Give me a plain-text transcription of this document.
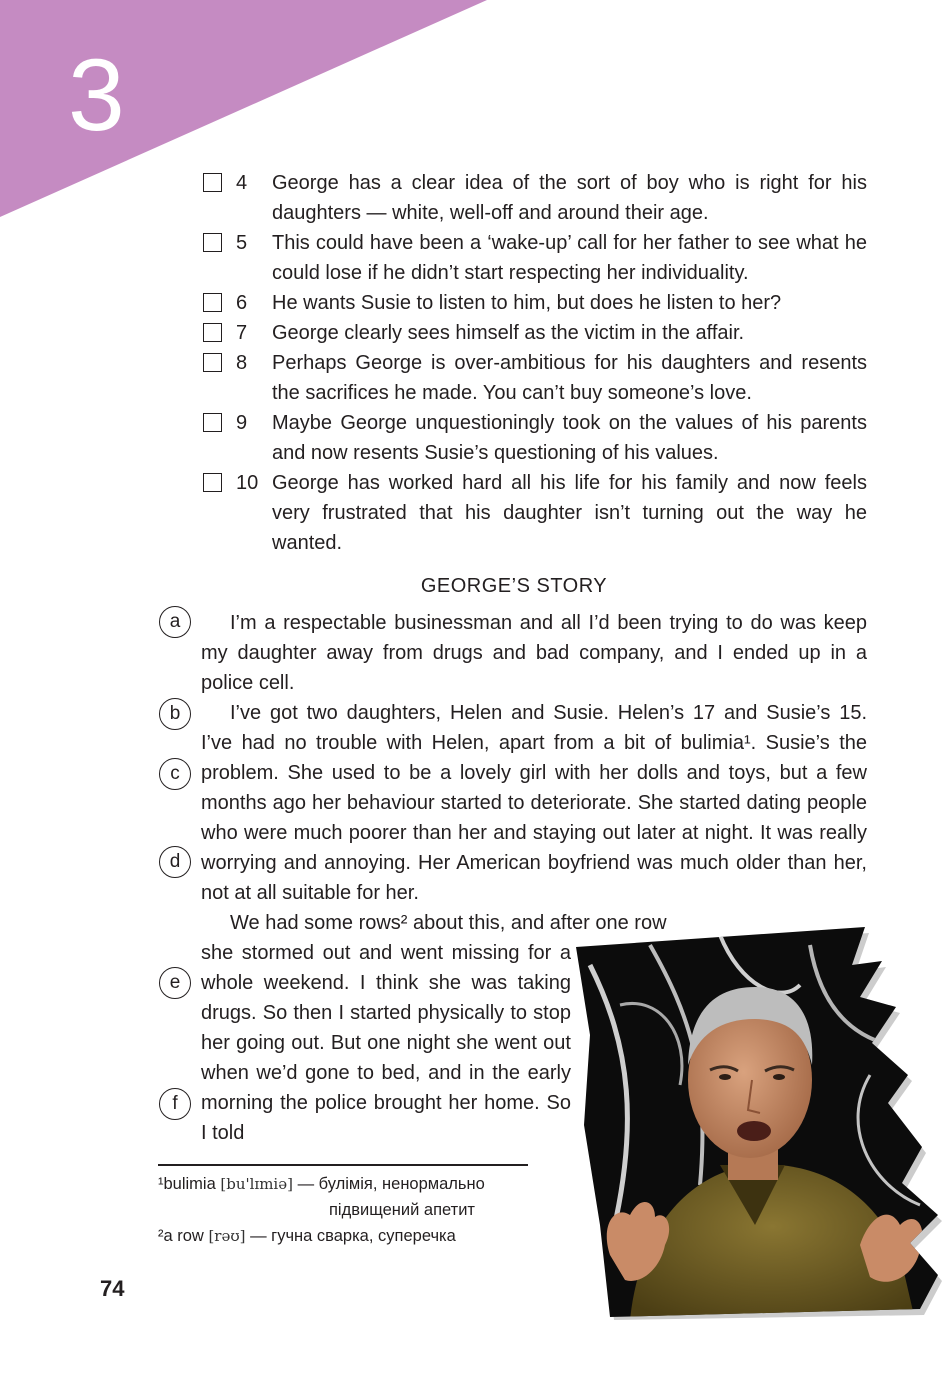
3
4	George has a clear idea of the sort of boy who is right for his daughters — white, well-off and around their age.
5	This could have been a ‘wake-up’ call for her father to see what he could lose if he didn’t start respecting her individuality.
6	He wants Susie to listen to him, but does he listen to her?
7	George clearly sees himself as the victim in the affair.
8	Perhaps George is over-ambitious for his daughters and resents the sacrifices he made. You can’t buy someone’s love.
9	Maybe George unquestioningly took on the values of his parents and now resents Susie’s questioning of his values.
10 George has worked hard all his life for his family and now feels very frustrated that his daughter isn’t turning out the way he wanted.
GEORGE’S STORY

I’m a respectable businessman and all I’d been trying to do was keep my daughter away from drugs and bad company, and I ended up in a police cell.

I’ve got two daughters, Helen and Susie. Helen’s 17 and Susie’s 15. I’ve had no trouble with Helen, apart from a bit of bulimia¹. Susie’s the problem. She used to be a lovely girl with her dolls and toys, but a few months ago her behaviour started to deteriorate. She started dating people who were much poorer than her and staying out later at night. It was really worrying and annoying. Her American boyfriend was much older than her, not at all suitable for her.

We had some rows² about this, and after one row

she stormed out and went missing for a whole weekend. I think she was taking drugs. So then I started physically to stop her going out. But one night she went out when we’d gone to bed, and in the early morning the police brought her home. So I told

a
b
c
d
e
f
¹bulimia [bu'lɪmiə] — булімія, ненормально
підвищений апетит
²a row [rəʊ] — гучна сварка, суперечка
74
